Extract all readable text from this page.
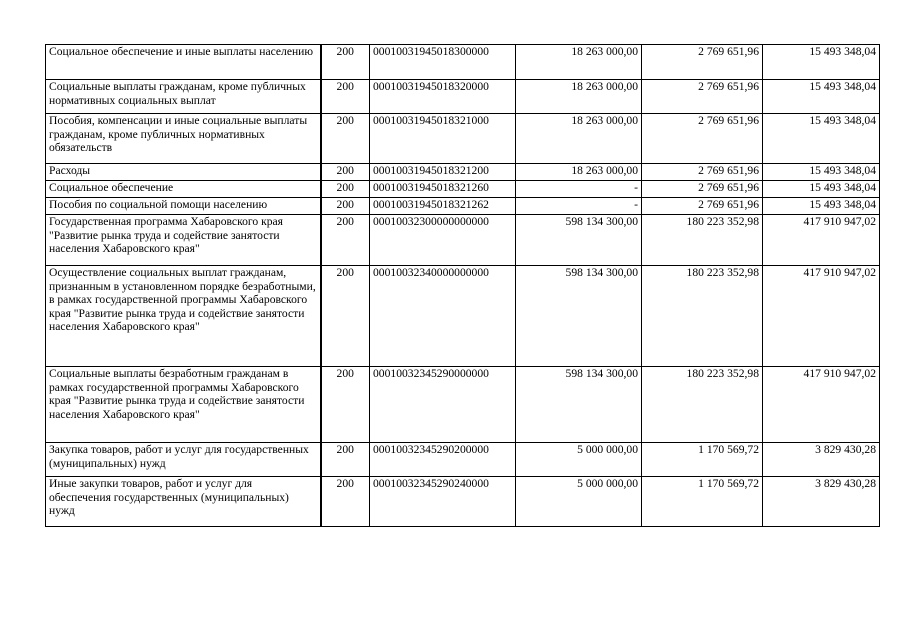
Социальное обеспечение и иные выплаты населению	200	00010031945018300000	18 263 000,00	2 769 651,96	15 493 348,04
Социальные выплаты гражданам, кроме публичных нормативных социальных выплат	200	00010031945018320000	18 263 000,00	2 769 651,96	15 493 348,04
Пособия, компенсации и иные социальные выплаты гражданам, кроме публичных нормативных обязательств	200	00010031945018321000	18 263 000,00	2 769 651,96	15 493 348,04
Расходы	200	00010031945018321200	18 263 000,00	2 769 651,96	15 493 348,04
Социальное обеспечение	200	00010031945018321260	-	2 769 651,96	15 493 348,04
Пособия по социальной помощи населению	200	00010031945018321262	-	2 769 651,96	15 493 348,04
Государственная программа Хабаровского края "Развитие рынка труда и содействие занятости населения Хабаровского края"	200	00010032300000000000	598 134 300,00	180 223 352,98	417 910 947,02
Осуществление социальных выплат гражданам, признанным в установленном порядке безработными, в рамках государственной программы Хабаровского края "Развитие рынка труда и содействие занятости населения Хабаровского края"	200	00010032340000000000	598 134 300,00	180 223 352,98	417 910 947,02
Социальные выплаты безработным гражданам в рамках государственной программы Хабаровского края "Развитие рынка труда и содействие занятости населения Хабаровского края"	200	00010032345290000000	598 134 300,00	180 223 352,98	417 910 947,02
Закупка товаров, работ и услуг для государственных (муниципальных) нужд	200	00010032345290200000	5 000 000,00	1 170 569,72	3 829 430,28
Иные закупки товаров, работ и услуг для обеспечения государственных (муниципальных) нужд	200	00010032345290240000	5 000 000,00	1 170 569,72	3 829 430,28
